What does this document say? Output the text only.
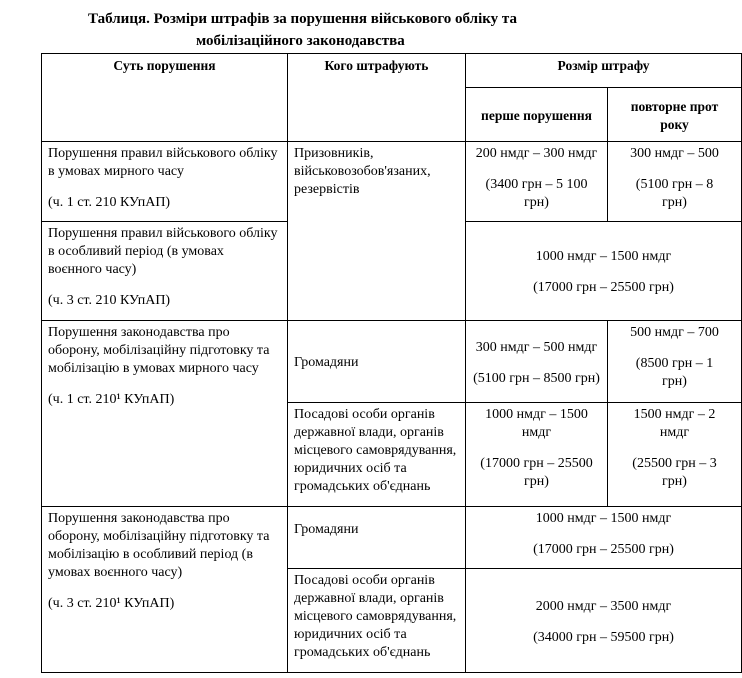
Таблиця. Розміри штрафів за порушення військового обліку та
мобілізаційного законодавства
Суть порушення	Кого штрафують	Розмір штрафу	
		перше порушення	повторне прот
року

Порушення правил військового обліку
в умовах мирного часу
(ч. 1 ст. 210 КУпАП)	Призовників,
військовозобов'язаних,
резервістів	200 нмдг – 300 нмдг
(3400 грн – 5 100
грн)	300 нмдг – 500
(5100 грн – 8
грн)

Порушення правил військового обліку
в особливий період (в умовах
воєнного часу)
(ч. 3 ст. 210 КУпАП)		1000 нмдг – 1500 нмдг
(17000 грн – 25500 грн)	

Порушення законодавства про
оборону, мобілізаційну підготовку та
мобілізацію в умовах мирного часу
(ч. 1 ст. 210¹ КУпАП)	Громадяни	300 нмдг – 500 нмдг
(5100 грн – 8500 грн)	500 нмдг – 700
(8500 грн – 1
грн)

	Посадові особи органів
державної влади, органів
місцевого самоврядування,
юридичних осіб та
громадських об'єднань	1000 нмдг – 1500
нмдг
(17000 грн – 25500
грн)	1500 нмдг – 2
нмдг
(25500 грн – 3
грн)

Порушення законодавства про
оборону, мобілізаційну підготовку та
мобілізацію в особливий період (в
умовах воєнного часу)
(ч. 3 ст. 210¹ КУпАП)	Громадяни	1000 нмдг – 1500 нмдг
(17000 грн – 25500 грн)	

	Посадові особи органів
державної влади, органів
місцевого самоврядування,
юридичних осіб та
громадських об'єднань	2000 нмдг – 3500 нмдг
(34000 грн – 59500 грн)	
